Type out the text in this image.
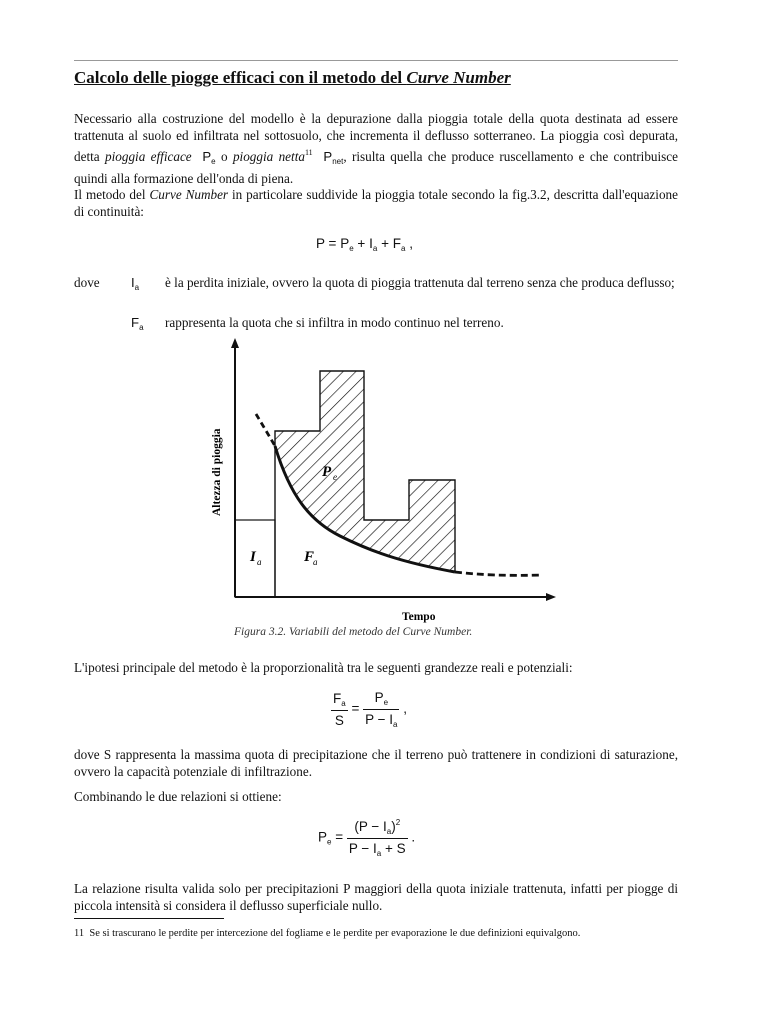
Calcolo delle piogge efficaci con il metodo del Curve Number
Necessario alla costruzione del modello è la depurazione dalla pioggia totale della quota destinata ad essere trattenuta al suolo ed infiltrata nel sottosuolo, che incrementa il deflusso sotterraneo. La pioggia così depurata, detta pioggia efficace $P_e$ o pioggia netta$^{11}$ $P_{net}$, risulta quella che produce ruscellamento e che contribuisce quindi alla formazione dell'onda di piena.
Il metodo del Curve Number in particolare suddivide la pioggia totale secondo la fig.3.2, descritta dall'equazione di continuità:
$P = P_e + I_a + F_a$ ,
dove $I_a$ è la perdita iniziale, ovvero la quota di pioggia trattenuta dal terreno senza che produca deflusso;
$F_a$ rappresenta la quota che si infiltra in modo continuo nel terreno.
Altezza di pioggia
Tempo
P e
I a	F
a
Figura 3.2. Variabili del metodo del Curve Number.
L'ipotesi principale del metodo è la proporzionalità tra le seguenti grandezze reali e potenziali:
$\frac{F_a}{S} = \frac{P_e}{P - I_a}$ ,
dove S rappresenta la massima quota di precipitazione che il terreno può trattenere in condizioni di saturazione, ovvero la capacità potenziale di infiltrazione.
Combinando le due relazioni si ottiene:
$P_e = \frac{(P - I_a)^2}{P - I_a + S}$ .
La relazione risulta valida solo per precipitazioni P maggiori della quota iniziale trattenuta, infatti per piogge di piccola intensità si considera il deflusso superficiale nullo.
11 Se si trascurano le perdite per intercezione del fogliame e le perdite per evaporazione le due definizioni equivalgono.
